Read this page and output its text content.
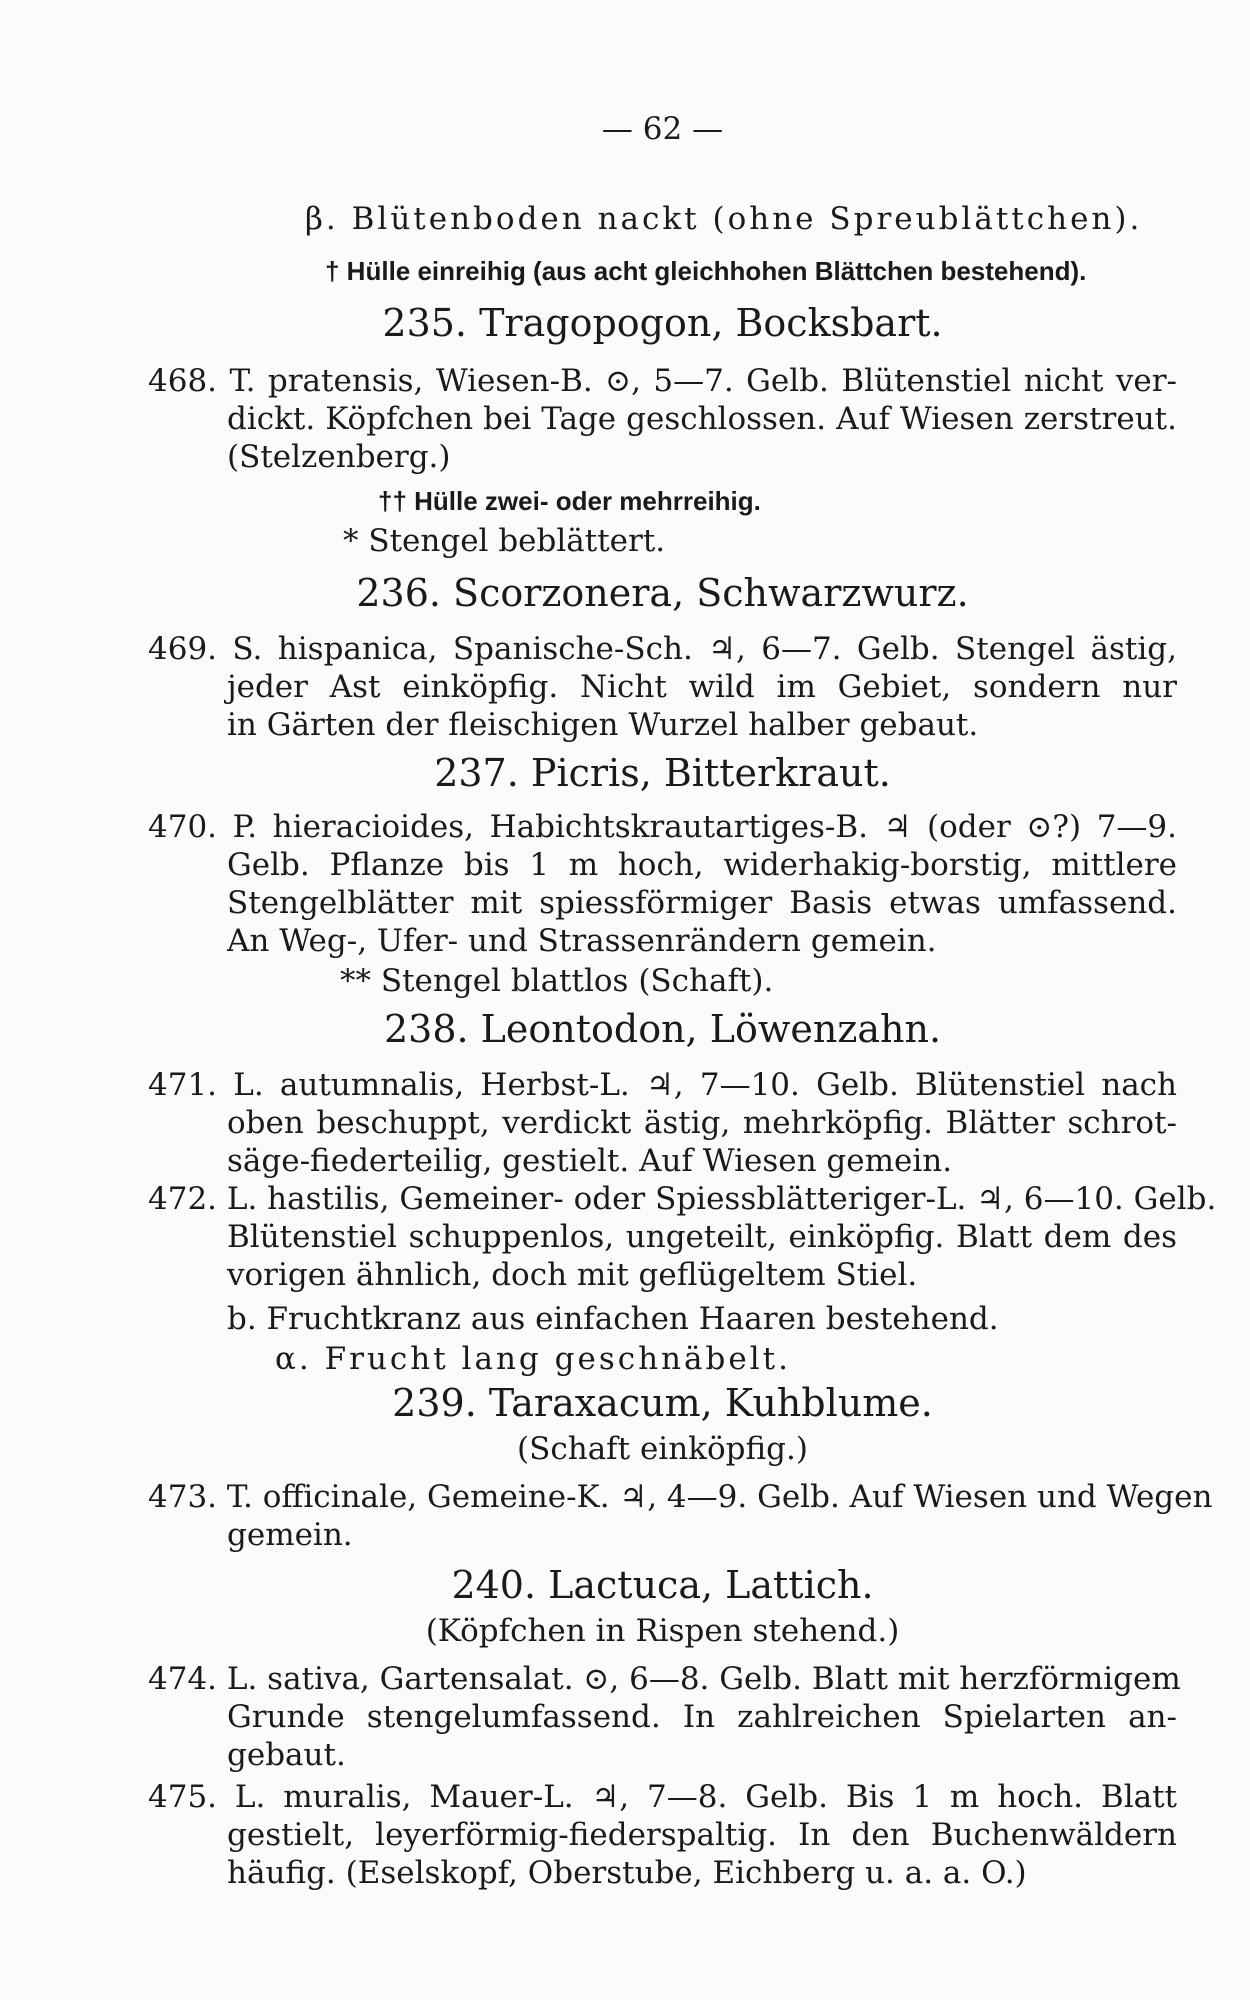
— 62 —
β. Blütenboden nackt (ohne Spreublättchen).
† Hülle einreihig (aus acht gleichhohen Blättchen bestehend).
235. Tragopogon, Bocksbart.
468. T. pratensis, Wiesen-B. ⊙, 5—7. Gelb. Blütenstiel nicht ver-
dickt. Köpfchen bei Tage geschlossen. Auf Wiesen zerstreut.
(Stelzenberg.)
†† Hülle zwei- oder mehrreihig.
* Stengel beblättert.
236. Scorzonera, Schwarzwurz.
469. S. hispanica, Spanische-Sch. ♃, 6—7. Gelb. Stengel ästig,
jeder Ast einköpfig. Nicht wild im Gebiet, sondern nur
in Gärten der fleischigen Wurzel halber gebaut.
237. Picris, Bitterkraut.
470. P. hieracioides, Habichtskrautartiges-B. ♃ (oder ⊙?) 7—9.
Gelb. Pflanze bis 1 m hoch, widerhakig-borstig, mittlere
Stengelblätter mit spiessförmiger Basis etwas umfassend.
An Weg-, Ufer- und Strassenrändern gemein.
** Stengel blattlos (Schaft).
238. Leontodon, Löwenzahn.
471. L. autumnalis, Herbst-L. ♃, 7—10. Gelb. Blütenstiel nach
oben beschuppt, verdickt ästig, mehrköpfig. Blätter schrot-
säge-fiederteilig, gestielt. Auf Wiesen gemein.
472. L. hastilis, Gemeiner- oder Spiessblätteriger-L. ♃, 6—10. Gelb.
Blütenstiel schuppenlos, ungeteilt, einköpfig. Blatt dem des
vorigen ähnlich, doch mit geflügeltem Stiel.
b. Fruchtkranz aus einfachen Haaren bestehend.
α. Frucht lang geschnäbelt.
239. Taraxacum, Kuhblume.
(Schaft einköpfig.)
473. T. officinale, Gemeine-K. ♃, 4—9. Gelb. Auf Wiesen und Wegen
gemein.
240. Lactuca, Lattich.
(Köpfchen in Rispen stehend.)
474. L. sativa, Gartensalat. ⊙, 6—8. Gelb. Blatt mit herzförmigem
Grunde stengelumfassend. In zahlreichen Spielarten an-
gebaut.
475. L. muralis, Mauer-L. ♃, 7—8. Gelb. Bis 1 m hoch. Blatt
gestielt, leyerförmig-fiederspaltig. In den Buchenwäldern
häufig. (Eselskopf, Oberstube, Eichberg u. a. a. O.)
